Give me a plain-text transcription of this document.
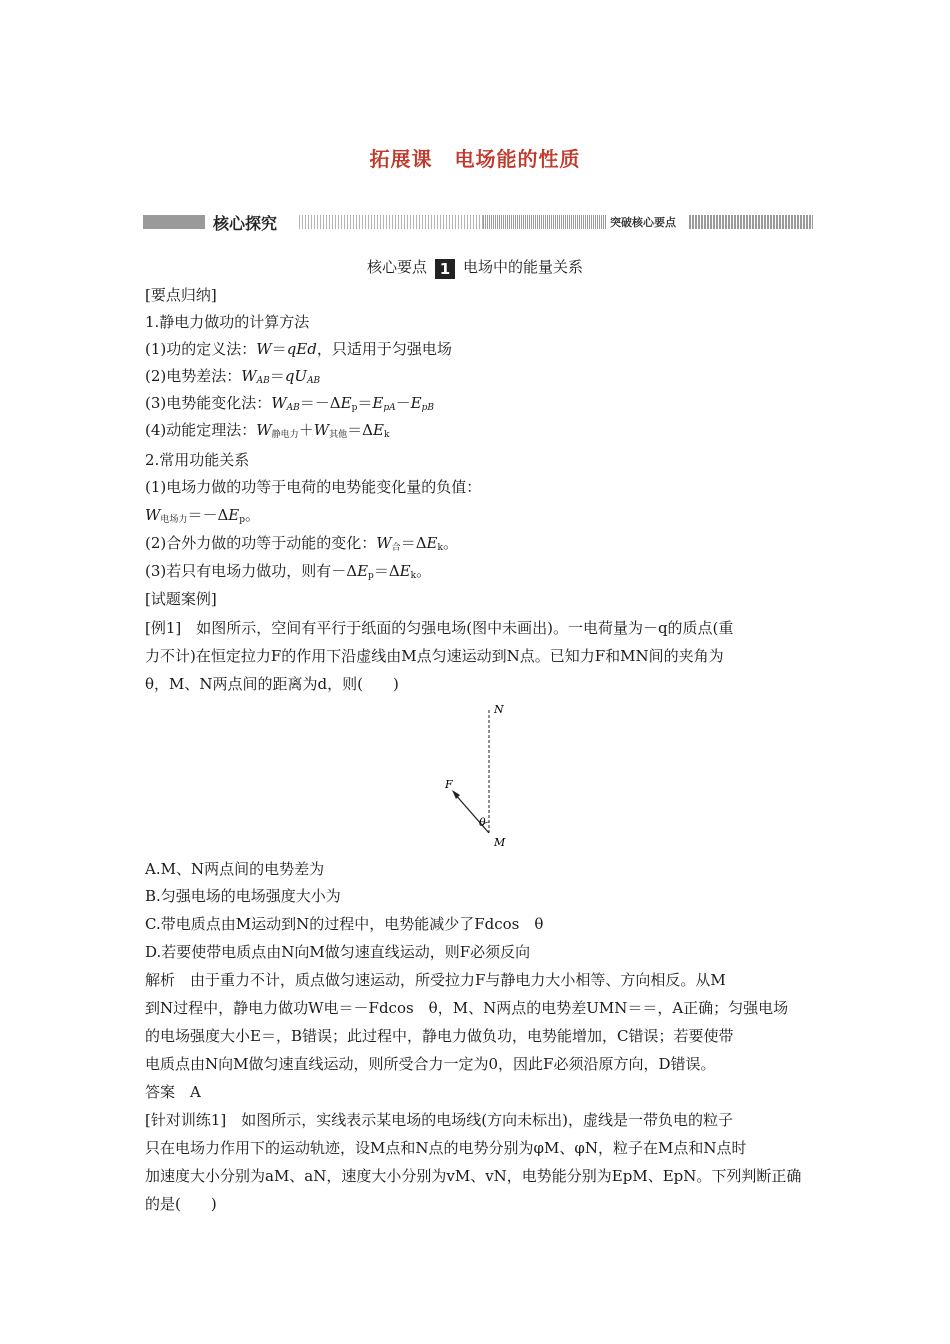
拓展课 电场能的性质
核心探究	突破核心要点
核心要点 1 电场中的能量关系
[要点归纳]
1.静电力做功的计算方法
(1)功的定义法：W＝qEd，只适用于匀强电场
(2)电势差法：$W_{AB}=qU_{AB}$
(3)电势能变化法：$W_{AB}=-\Delta E_p=E_{pA}-E_{pB}$
(4)动能定理法：$W_{静电力}+W_{其他}=\Delta E_k$
2.常用功能关系
(1)电场力做的功等于电荷的电势能变化量的负值：
$W_{电场力}=-\Delta E_p$。
(2)合外力做的功等于动能的变化：$W_合=\Delta E_k$。
(3)若只有电场力做功，则有$-\Delta E_p=\Delta E_k$。
[试题案例]
[例1]　如图所示，空间有平行于纸面的匀强电场(图中未画出)。一电荷量为－q的质点(重
力不计)在恒定拉力F的作用下沿虚线由M点匀速运动到N点。已知力F和MN间的夹角为
θ，M、N两点间的距离为d，则(　　)
N
F
θ
M
A.M、N两点间的电势差为
B.匀强电场的电场强度大小为
C.带电质点由M运动到N的过程中，电势能减少了Fdcos　θ
D.若要使带电质点由N向M做匀速直线运动，则F必须反向
解析　由于重力不计，质点做匀速运动，所受拉力F与静电力大小相等、方向相反。从M
到N过程中，静电力做功W电＝－Fdcos　θ，M、N两点的电势差UMN＝＝，A正确；匀强电场
的电场强度大小E＝，B错误；此过程中，静电力做负功，电势能增加，C错误；若要使带
电质点由N向M做匀速直线运动，则所受合力一定为0，因此F必须沿原方向，D错误。
答案　A
[针对训练1]　如图所示，实线表示某电场的电场线(方向未标出)，虚线是一带负电的粒子
只在电场力作用下的运动轨迹，设M点和N点的电势分别为φM、φN，粒子在M点和N点时
加速度大小分别为aM、aN，速度大小分别为vM、vN，电势能分别为EpM、EpN。下列判断正确
的是(　　)
